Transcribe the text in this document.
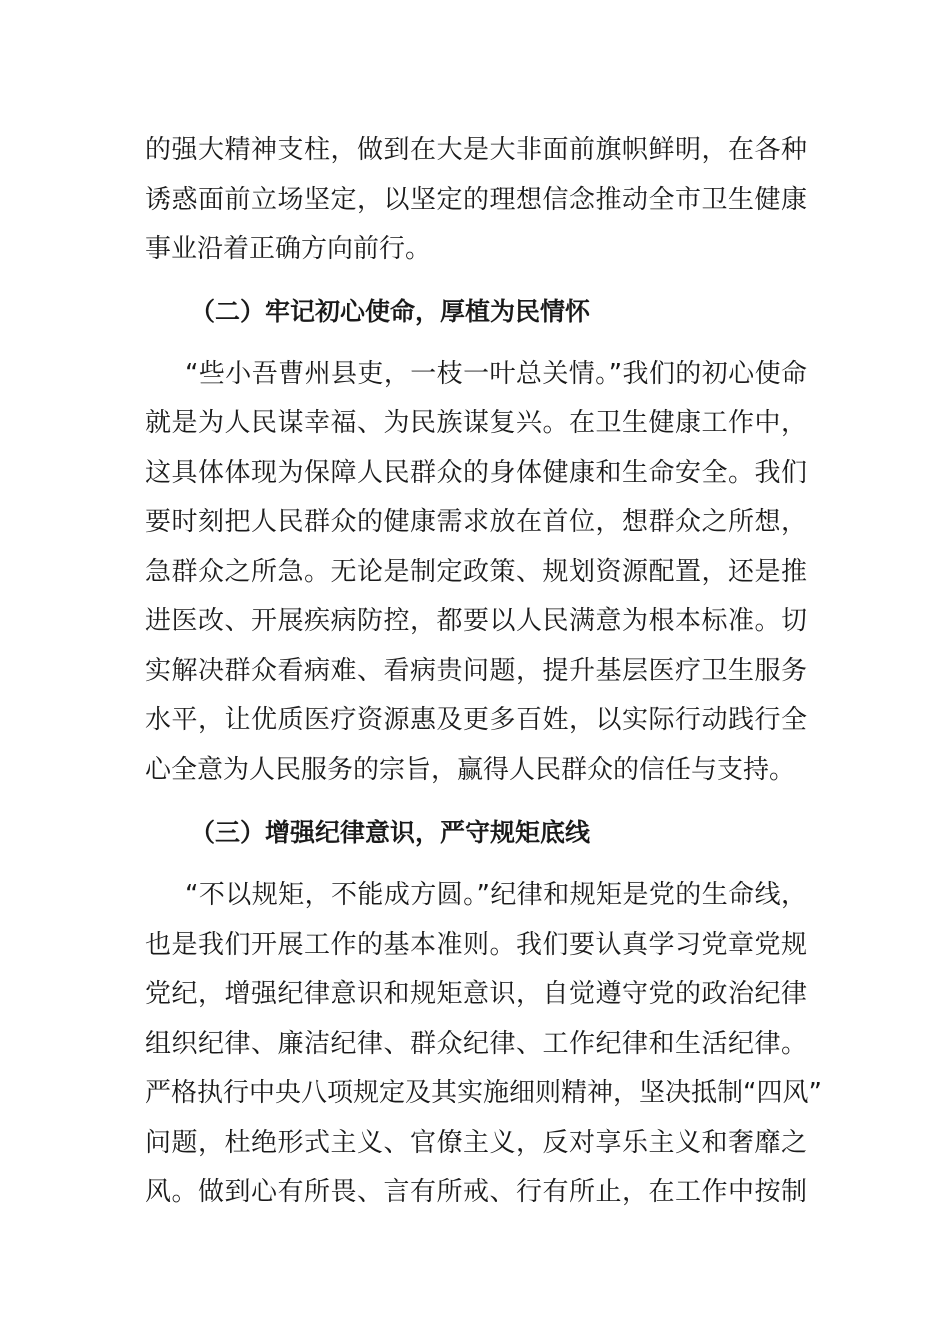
的强大精神支柱，做到在大是大非面前旗帜鲜明，在各种
诱惑面前立场坚定，以坚定的理想信念推动全市卫生健康
事业沿着正确方向前行。
（二）牢记初心使命，厚植为民情怀
“些小吾曹州县吏，一枝一叶总关情。”我们的初心使命
就是为人民谋幸福、为民族谋复兴。在卫生健康工作中，
这具体体现为保障人民群众的身体健康和生命安全。我们
要时刻把人民群众的健康需求放在首位，想群众之所想，
急群众之所急。无论是制定政策、规划资源配置，还是推
进医改、开展疾病防控，都要以人民满意为根本标准。切
实解决群众看病难、看病贵问题，提升基层医疗卫生服务
水平，让优质医疗资源惠及更多百姓，以实际行动践行全
心全意为人民服务的宗旨，赢得人民群众的信任与支持。
（三）增强纪律意识，严守规矩底线
“不以规矩，不能成方圆。”纪律和规矩是党的生命线，
也是我们开展工作的基本准则。我们要认真学习党章党规
党纪，增强纪律意识和规矩意识，自觉遵守党的政治纪律
组织纪律、廉洁纪律、群众纪律、工作纪律和生活纪律。
严格执行中央八项规定及其实施细则精神，坚决抵制“四风”
问题，杜绝形式主义、官僚主义，反对享乐主义和奢靡之
风。做到心有所畏、言有所戒、行有所止，在工作中按制
